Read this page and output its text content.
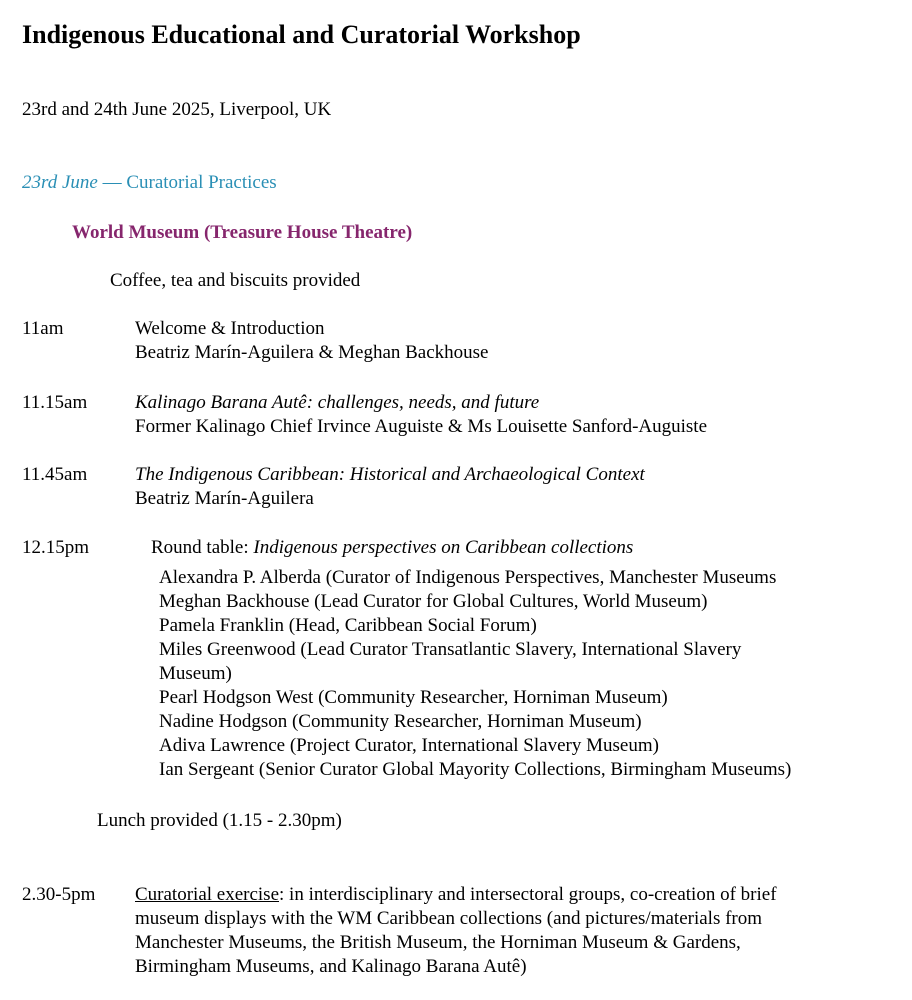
Indigenous Educational and Curatorial Workshop
23rd and 24th June 2025, Liverpool, UK
23rd June — Curatorial Practices
World Museum (Treasure House Theatre)
Coffee, tea and biscuits provided
11am	Welcome & Introduction
Beatriz Marín-Aguilera & Meghan Backhouse
11.15am	Kalinago Barana Autê: challenges, needs, and future
Former Kalinago Chief Irvince Auguiste & Ms Louisette Sanford-Auguiste
11.45am	The Indigenous Caribbean: Historical and Archaeological Context
Beatriz Marín-Aguilera
12.15pm	Round table: Indigenous perspectives on Caribbean collections
Alexandra P. Alberda (Curator of Indigenous Perspectives, Manchester Museums
Meghan Backhouse (Lead Curator for Global Cultures, World Museum)
Pamela Franklin (Head, Caribbean Social Forum)
Miles Greenwood (Lead Curator Transatlantic Slavery, International Slavery
Museum)
Pearl Hodgson West (Community Researcher, Horniman Museum)
Nadine Hodgson (Community Researcher, Horniman Museum)
Adiva Lawrence (Project Curator, International Slavery Museum)
Ian Sergeant (Senior Curator Global Mayority Collections, Birmingham Museums)
Lunch provided (1.15 - 2.30pm)
2.30-5pm Curatorial exercise: in interdisciplinary and intersectoral groups, co-creation of brief
museum displays with the WM Caribbean collections (and pictures/materials from
Manchester Museums, the British Museum, the Horniman Museum & Gardens,
Birmingham Museums, and Kalinago Barana Autê)
